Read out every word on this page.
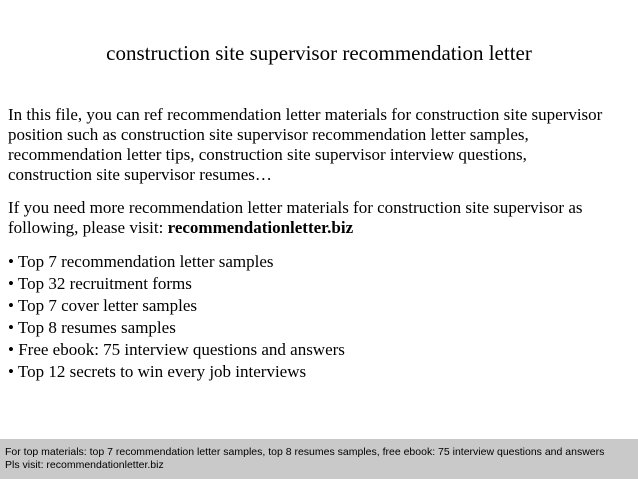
construction site supervisor recommendation letter

In this file, you can ref recommendation letter materials for construction site supervisor
position such as construction site supervisor recommendation letter samples,
recommendation letter tips, construction site supervisor interview questions,
construction site supervisor resumes…

If you need more recommendation letter materials for construction site supervisor as
following, please visit: recommendationletter.biz

• Top 7 recommendation letter samples
• Top 32 recruitment forms
• Top 7 cover letter samples
• Top 8 resumes samples
• Free ebook: 75 interview questions and answers
• Top 12 secrets to win every job interviews
For top materials: top 7 recommendation letter samples, top 8 resumes samples, free ebook: 75 interview questions and answers
Pls visit: recommendationletter.biz
